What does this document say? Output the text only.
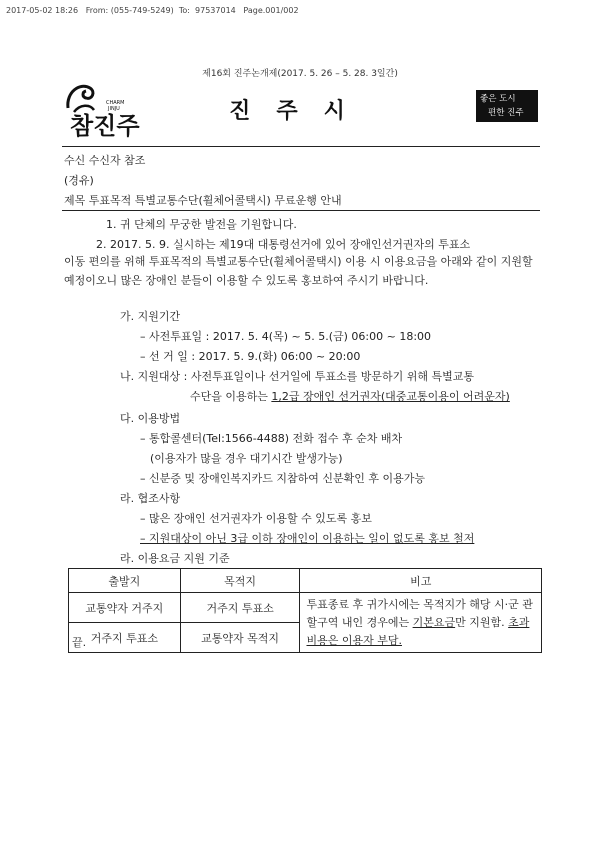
2017-05-02 18:26 From: (055-749-5249) To: 97537014 Page.001/002
제16회 진주논개제(2017. 5. 26 – 5. 28. 3일간)
참진주
CHARM
JINJU	진주시	좋은 도시
편한 진주
수신 수신자 참조
(경유)
제목 투표목적 특별교통수단(휠체어콜택시) 무료운행 안내
1. 귀 단체의 무궁한 발전을 기원합니다.
2. 2017. 5. 9. 실시하는 제19대 대통령선거에 있어 장애인선거권자의 투표소
이동 편의를 위해 투표목적의 특별교통수단(휠체어콜택시) 이용 시 이용요금을 아래와 같이 지원할 예정이오니 많은 장애인 분들이 이용할 수 있도록 홍보하여 주시기 바랍니다.
가. 지원기간
– 사전투표일 : 2017. 5. 4(목) ~ 5. 5.(금) 06:00 ~ 18:00
– 선 거 일 : 2017. 5. 9.(화) 06:00 ~ 20:00
나. 지원대상 : 사전투표일이나 선거일에 투표소를 방문하기 위해 특별교통
수단을 이용하는 1,2급 장애인 선거권자(대중교통이용이 어려운자)
다. 이용방법
– 통합콜센터(Tel:1566-4488) 전화 접수 후 순차 배차
(이용자가 많을 경우 대기시간 발생가능)
– 신분증 및 장애인복지카드 지참하여 신분확인 후 이용가능
라. 협조사항
– 많은 장애인 선거권자가 이용할 수 있도록 홍보
– 지원대상이 아닌 3급 이하 장애인이 이용하는 일이 없도록 홍보 철저
라. 이용요금 지원 기준
출발지	목적지	비고
교통약자 거주지	거주지 투표소	투표종료 후 귀가시에는 목적지가 해당 시·군 관할구역 내인 경우에는 기본요금만 지원함. 초과비용은 이용자 부담.
거주지 투표소	교통약자 목적지	
끝.
